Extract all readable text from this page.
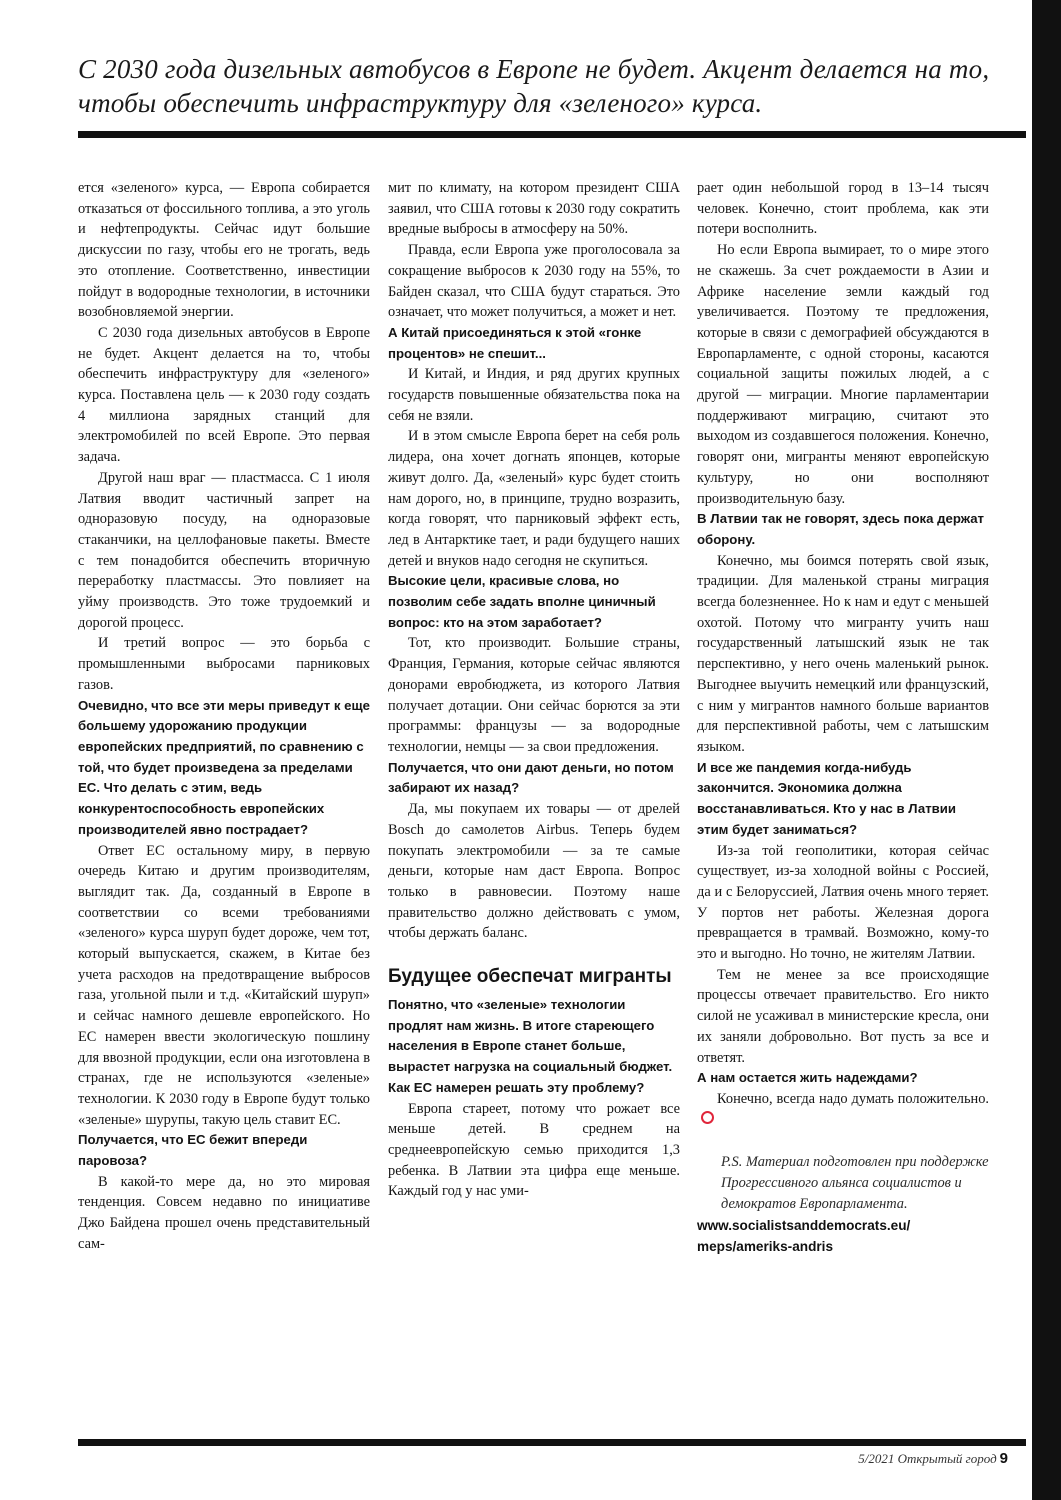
С 2030 года дизельных автобусов в Европе не будет. Акцент делается на то, чтобы обеспечить инфраструктуру для «зеленого» курса.

ется «зеленого» курса, — Европа собирается отказаться от фоссильного топлива, а это уголь и нефтепродукты. Сейчас идут большие дискуссии по газу, чтобы его не трогать, ведь это отопление. Соответственно, инвестиции пойдут в водородные технологии, в источники возобновляемой энергии.

С 2030 года дизельных автобусов в Европе не будет. Акцент делается на то, чтобы обеспечить инфраструктуру для «зеленого» курса. Поставлена цель — к 2030 году создать 4 миллиона зарядных станций для электромобилей по всей Европе. Это первая задача.

Другой наш враг — пластмасса. С 1 июля Латвия вводит частичный запрет на одноразовую посуду, на одноразовые стаканчики, на целлофановые пакеты. Вместе с тем понадобится обеспечить вторичную переработку пластмассы. Это повлияет на уйму производств. Это тоже трудоемкий и дорогой процесс.

И третий вопрос — это борьба с промышленными выбросами парниковых газов.

Очевидно, что все эти меры приведут к еще большему удорожанию продукции европейских предприятий, по сравнению с той, что будет произведена за пределами ЕС. Что делать с этим, ведь конкурентоспособность европейских производителей явно пострадает?

Ответ ЕС остальному миру, в первую очередь Китаю и другим производителям, выглядит так. Да, созданный в Европе в соответствии со всеми требованиями «зеленого» курса шуруп будет дороже, чем тот, который выпускается, скажем, в Китае без учета расходов на предотвращение выбросов газа, угольной пыли и т.д. «Китайский шуруп» и сейчас намного дешевле европейского. Но ЕС намерен ввести экологическую пошлину для ввозной продукции, если она изготовлена в странах, где не используются «зеленые» технологии. К 2030 году в Европе будут только «зеленые» шурупы, такую цель ставит ЕС.

Получается, что ЕС бежит впереди паровоза?

В какой-то мере да, но это мировая тенденция. Совсем недавно по инициативе Джо Байдена прошел очень представительный сам-

мит по климату, на котором президент США заявил, что США готовы к 2030 году сократить вредные выбросы в атмосферу на 50%.

Правда, если Европа уже проголосовала за сокращение выбросов к 2030 году на 55%, то Байден сказал, что США будут стараться. Это означает, что может получиться, а может и нет.

А Китай присоединяться к этой «гонке процентов» не спешит...

И Китай, и Индия, и ряд других крупных государств повышенные обязательства пока на себя не взяли.

И в этом смысле Европа берет на себя роль лидера, она хочет догнать японцев, которые живут долго. Да, «зеленый» курс будет стоить нам дорого, но, в принципе, трудно возразить, когда говорят, что парниковый эффект есть, лед в Антарктике тает, и ради будущего наших детей и внуков надо сегодня не скупиться.

Высокие цели, красивые слова, но позволим себе задать вполне циничный вопрос: кто на этом заработает?

Тот, кто производит. Большие страны, Франция, Германия, которые сейчас являются донорами евробюджета, из которого Латвия получает дотации. Они сейчас борются за эти программы: французы — за водородные технологии, немцы — за свои предложения.

Получается, что они дают деньги, но потом забирают их назад?

Да, мы покупаем их товары — от дрелей Bosch до самолетов Airbus. Теперь будем покупать электромобили — за те самые деньги, которые нам даст Европа. Вопрос только в равновесии. Поэтому наше правительство должно действовать с умом, чтобы держать баланс.

Будущее обеспечат мигранты

Понятно, что «зеленые» технологии продлят нам жизнь. В итоге стареющего населения в Европе станет больше, вырастет нагрузка на социальный бюджет. Как ЕС намерен решать эту проблему?

Европа стареет, потому что рожает все меньше детей. В среднем на среднеевропейскую семью приходится 1,3 ребенка. В Латвии эта цифра еще меньше. Каждый год у нас уми-

рает один небольшой город в 13–14 тысяч человек. Конечно, стоит проблема, как эти потери восполнить.

Но если Европа вымирает, то о мире этого не скажешь. За счет рождаемости в Азии и Африке население земли каждый год увеличивается. Поэтому те предложения, которые в связи с демографией обсуждаются в Европарламенте, с одной стороны, касаются социальной защиты пожилых людей, а с другой — миграции. Многие парламентарии поддерживают миграцию, считают это выходом из создавшегося положения. Конечно, говорят они, мигранты меняют европейскую культуру, но они восполняют производительную базу.

В Латвии так не говорят, здесь пока держат оборону.

Конечно, мы боимся потерять свой язык, традиции. Для маленькой страны миграция всегда болезненнее. Но к нам и едут с меньшей охотой. Потому что мигранту учить наш государственный латышский язык не так перспективно, у него очень маленький рынок. Выгоднее выучить немецкий или французский, с ним у мигрантов намного больше вариантов для перспективной работы, чем с латышским языком.

И все же пандемия когда-нибудь закончится. Экономика должна восстанавливаться. Кто у нас в Латвии этим будет заниматься?

Из-за той геополитики, которая сейчас существует, из-за холодной войны с Россией, да и с Белоруссией, Латвия очень много теряет. У портов нет работы. Железная дорога превращается в трамвай. Возможно, кому-то это и выгодно. Но точно, не жителям Латвии.

Тем не менее за все происходящие процессы отвечает правительство. Его никто силой не усаживал в министерские кресла, они их заняли добровольно. Вот пусть за все и ответят.

А нам остается жить надеждами?

Конечно, всегда надо думать положительно.

P.S. Материал подготовлен при поддержке Прогрессивного альянса социалистов и демократов Европарламента.

www.socialistsanddemocrats.eu/ meps/ameriks-andris
5/2021 Открытый город 9
